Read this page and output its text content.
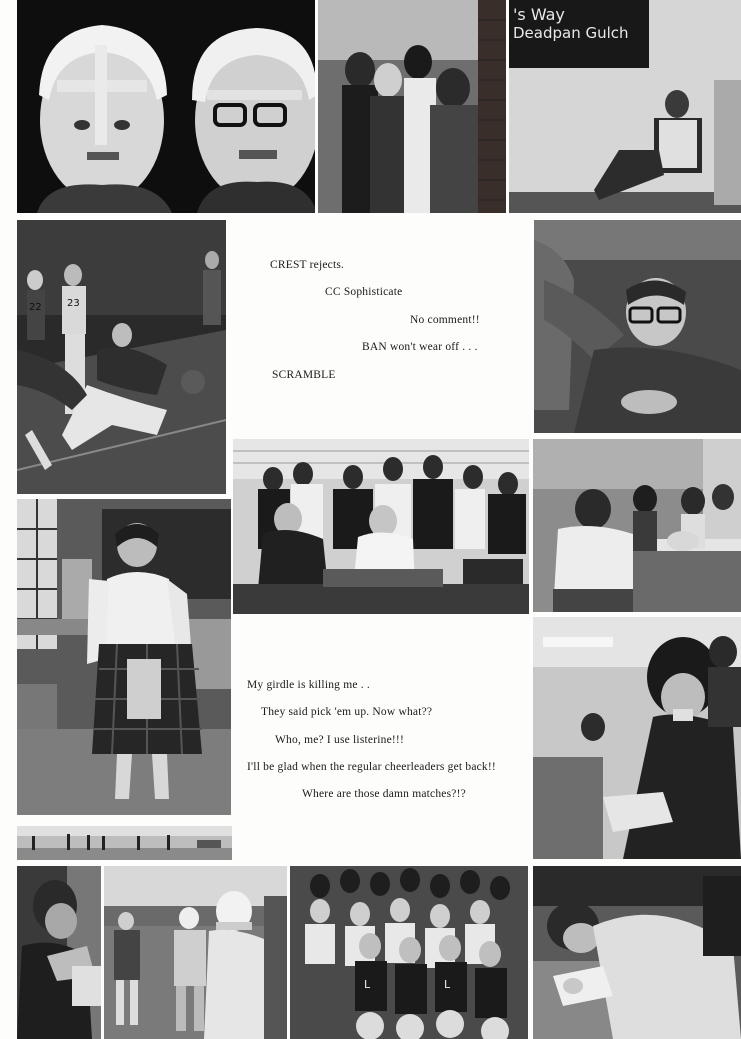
's Way
Deadpan Gulch
22	23
CREST rejects.
CC Sophisticate
No comment!!
BAN won't wear off . . .
SCRAMBLE
My girdle is killing me . .
They said pick 'em up. Now what??
Who, me? I use listerine!!!
I'll be glad when the regular cheerleaders get back!!
Where are those damn matches?!?
L	L
